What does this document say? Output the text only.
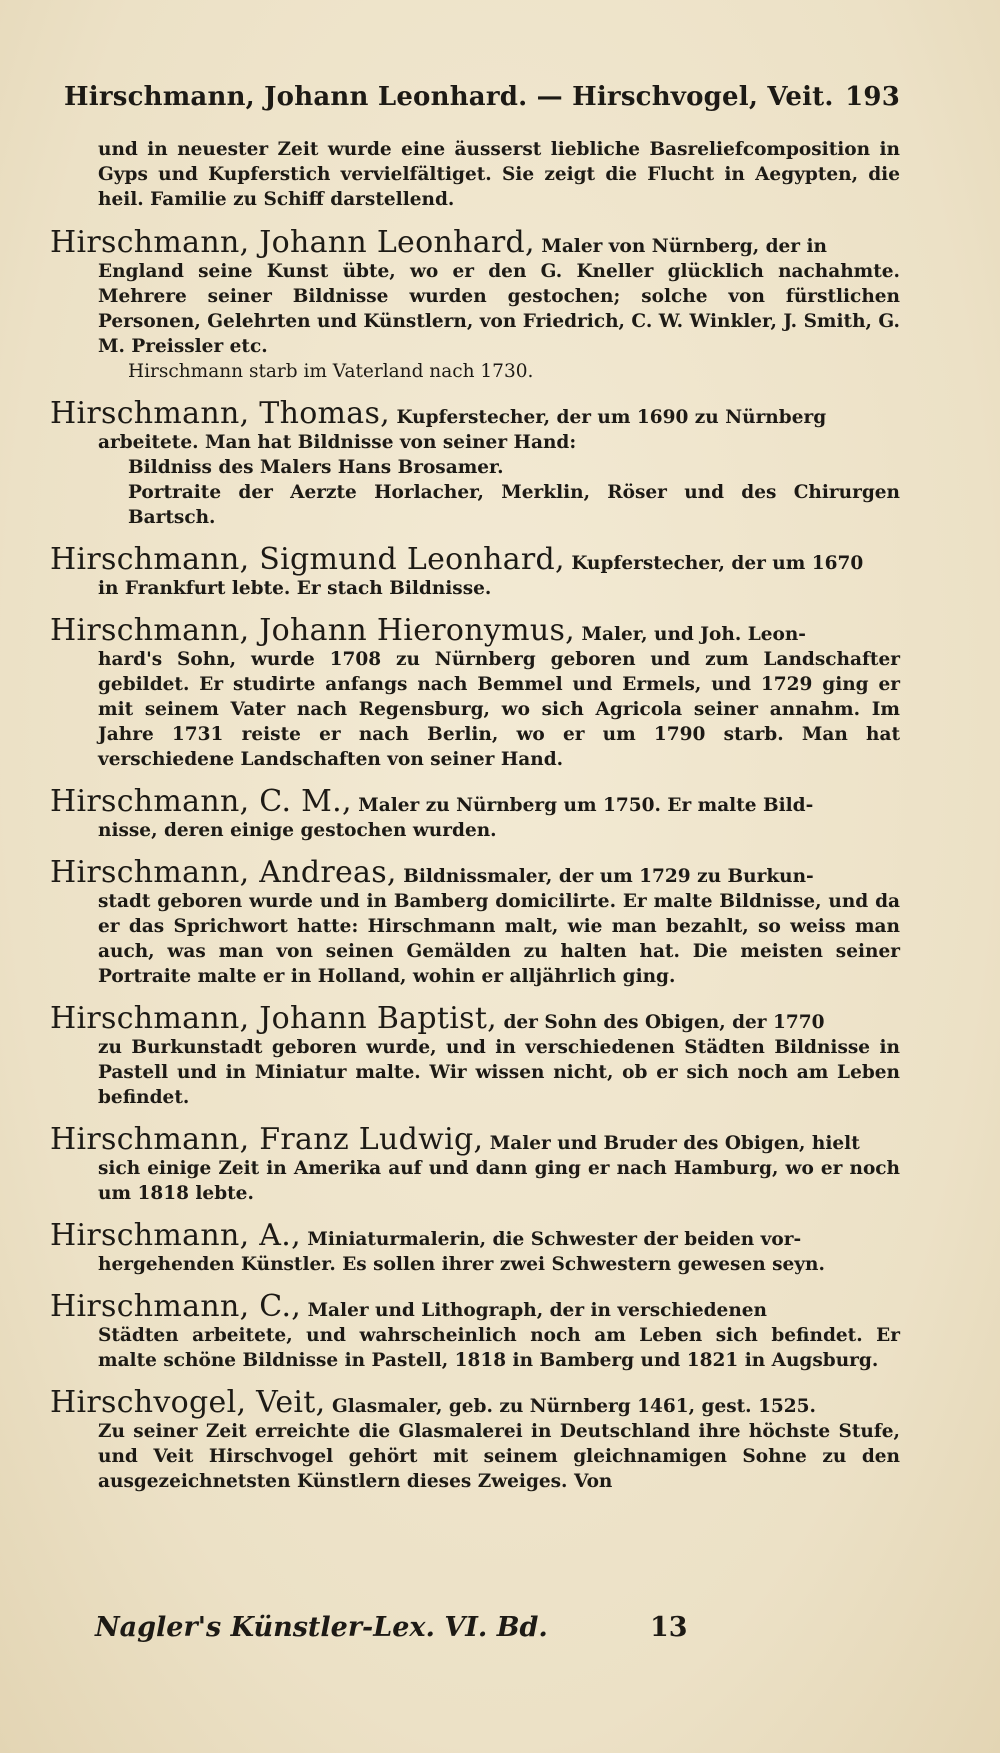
Hirschmann, Johann Leonhard. — Hirschvogel, Veit. 193
und in neuester Zeit wurde eine äusserst liebliche Basreliefcomposition in Gyps und Kupferstich vervielfältiget. Sie zeigt die Flucht in Aegypten, die heil. Familie zu Schiff darstellend.
Hirschmann, Johann Leonhard, Maler von Nürnberg, der in
England seine Kunst übte, wo er den G. Kneller glücklich nachahmte. Mehrere seiner Bildnisse wurden gestochen; solche von fürstlichen Personen, Gelehrten und Künstlern, von Friedrich, C. W. Winkler, J. Smith, G. M. Preissler etc.
Hirschmann starb im Vaterland nach 1730.
Hirschmann, Thomas, Kupferstecher, der um 1690 zu Nürnberg
arbeitete. Man hat Bildnisse von seiner Hand:
Bildniss des Malers Hans Brosamer.
Portraite der Aerzte Horlacher, Merklin, Röser und des Chirurgen Bartsch.
Hirschmann, Sigmund Leonhard, Kupferstecher, der um 1670
in Frankfurt lebte. Er stach Bildnisse.
Hirschmann, Johann Hieronymus, Maler, und Joh. Leon-
hard's Sohn, wurde 1708 zu Nürnberg geboren und zum Landschafter gebildet. Er studirte anfangs nach Bemmel und Ermels, und 1729 ging er mit seinem Vater nach Regensburg, wo sich Agricola seiner annahm. Im Jahre 1731 reiste er nach Berlin, wo er um 1790 starb. Man hat verschiedene Landschaften von seiner Hand.
Hirschmann, C. M., Maler zu Nürnberg um 1750. Er malte Bild-
nisse, deren einige gestochen wurden.
Hirschmann, Andreas, Bildnissmaler, der um 1729 zu Burkun-
stadt geboren wurde und in Bamberg domicilirte. Er malte Bildnisse, und da er das Sprichwort hatte: Hirschmann malt, wie man bezahlt, so weiss man auch, was man von seinen Gemälden zu halten hat. Die meisten seiner Portraite malte er in Holland, wohin er alljährlich ging.
Hirschmann, Johann Baptist, der Sohn des Obigen, der 1770
zu Burkunstadt geboren wurde, und in verschiedenen Städten Bildnisse in Pastell und in Miniatur malte. Wir wissen nicht, ob er sich noch am Leben befindet.
Hirschmann, Franz Ludwig, Maler und Bruder des Obigen, hielt
sich einige Zeit in Amerika auf und dann ging er nach Hamburg, wo er noch um 1818 lebte.
Hirschmann, A., Miniaturmalerin, die Schwester der beiden vor-
hergehenden Künstler. Es sollen ihrer zwei Schwestern gewesen seyn.
Hirschmann, C., Maler und Lithograph, der in verschiedenen
Städten arbeitete, und wahrscheinlich noch am Leben sich befindet. Er malte schöne Bildnisse in Pastell, 1818 in Bamberg und 1821 in Augsburg.
Hirschvogel, Veit, Glasmaler, geb. zu Nürnberg 1461, gest. 1525.
Zu seiner Zeit erreichte die Glasmalerei in Deutschland ihre höchste Stufe, und Veit Hirschvogel gehört mit seinem gleichnamigen Sohne zu den ausgezeichnetsten Künstlern dieses Zweiges. Von
Nagler's Künstler-Lex. VI. Bd.	13
